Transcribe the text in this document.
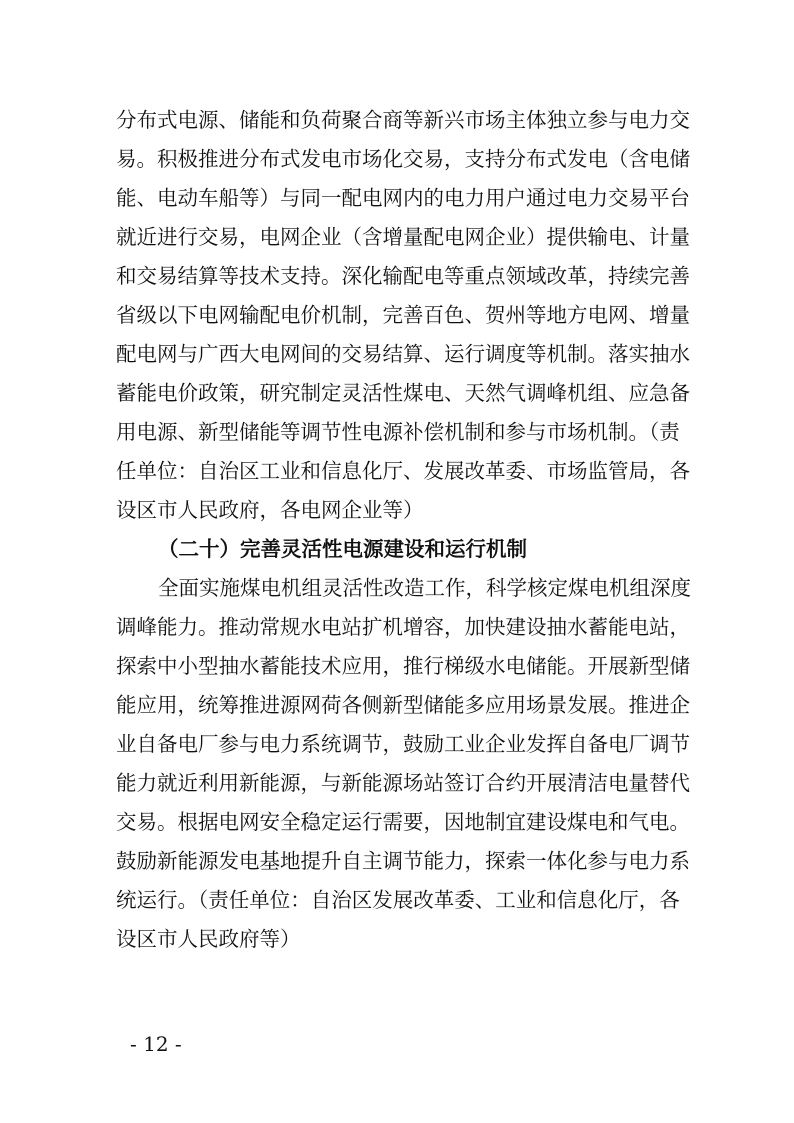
分布式电源、储能和负荷聚合商等新兴市场主体独立参与电力交
易。积极推进分布式发电市场化交易，支持分布式发电（含电储
能、电动车船等）与同一配电网内的电力用户通过电力交易平台
就近进行交易，电网企业（含增量配电网企业）提供输电、计量
和交易结算等技术支持。深化输配电等重点领域改革，持续完善
省级以下电网输配电价机制，完善百色、贺州等地方电网、增量
配电网与广西大电网间的交易结算、运行调度等机制。落实抽水
蓄能电价政策，研究制定灵活性煤电、天然气调峰机组、应急备
用电源、新型储能等调节性电源补偿机制和参与市场机制。（责
任单位：自治区工业和信息化厅、发展改革委、市场监管局，各
设区市人民政府，各电网企业等）
（二十）完善灵活性电源建设和运行机制
全面实施煤电机组灵活性改造工作，科学核定煤电机组深度
调峰能力。推动常规水电站扩机增容，加快建设抽水蓄能电站，
探索中小型抽水蓄能技术应用，推行梯级水电储能。开展新型储
能应用，统筹推进源网荷各侧新型储能多应用场景发展。推进企
业自备电厂参与电力系统调节，鼓励工业企业发挥自备电厂调节
能力就近利用新能源，与新能源场站签订合约开展清洁电量替代
交易。根据电网安全稳定运行需要，因地制宜建设煤电和气电。
鼓励新能源发电基地提升自主调节能力，探索一体化参与电力系
统运行。（责任单位：自治区发展改革委、工业和信息化厅，各
设区市人民政府等）
- 12 -
